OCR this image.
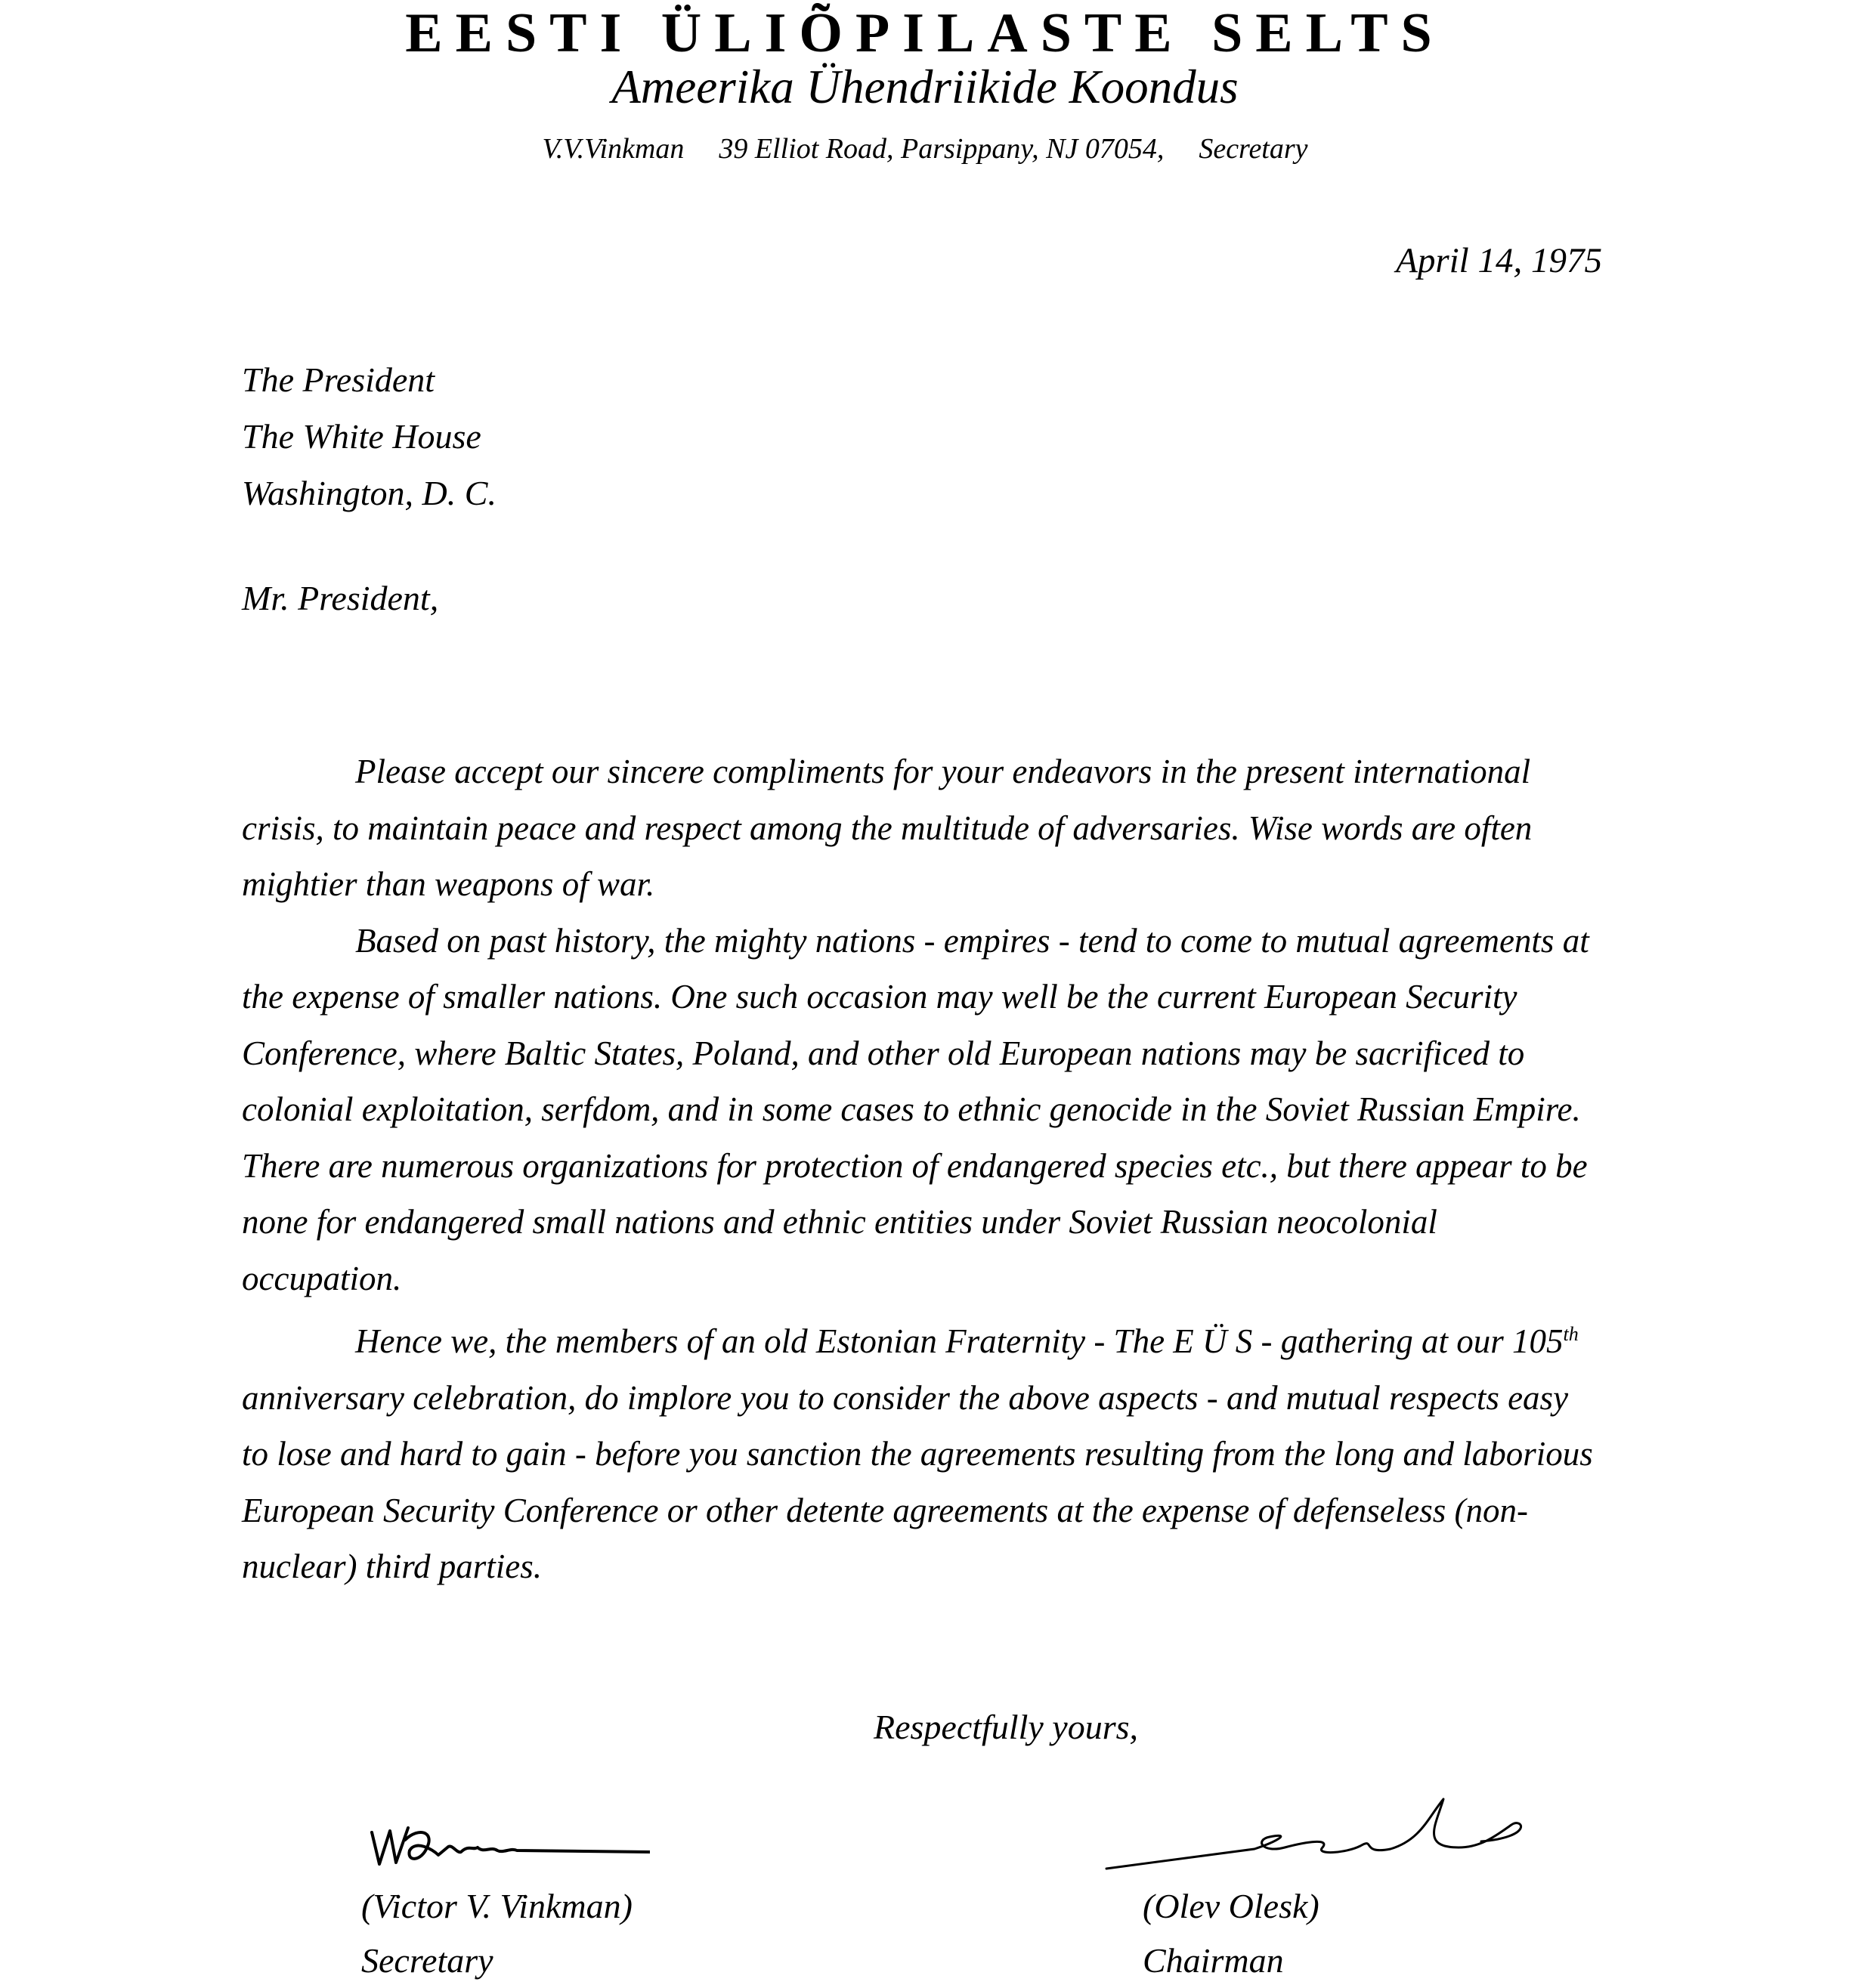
EESTI ÜLIÕPILASTE SELTS
Ameerika Ühendriikide Koondus
V.V.Vinkman 39 Elliot Road, Parsippany, NJ 07054, Secretary
April 14, 1975
The President
The White House
Washington, D. C.
Mr. President,

Please accept our sincere compliments for your endeavors in the present international crisis, to maintain peace and respect among the multitude of adversaries. Wise words are often mightier than weapons of war.

Based on past history, the mighty nations - empires - tend to come to mutual agreements at the expense of smaller nations. One such occasion may well be the current European Security Conference, where Baltic States, Poland, and other old European nations may be sacrificed to colonial exploitation, serfdom, and in some cases to ethnic genocide in the Soviet Russian Empire. There are numerous organizations for protection of endangered species etc., but there appear to be none for endangered small nations and ethnic entities under Soviet Russian neocolonial occupation.

Hence we, the members of an old Estonian Fraternity - The E Ü S - gathering at our 105th anniversary celebration, do implore you to consider the above aspects - and mutual respects easy to lose and hard to gain - before you sanction the agreements resulting from the long and laborious European Security Conference or other detente agreements at the expense of defenseless (non-nuclear) third parties.

Respectfully yours,
(Victor V. Vinkman)
Secretary
(Olev Olesk)
Chairman
